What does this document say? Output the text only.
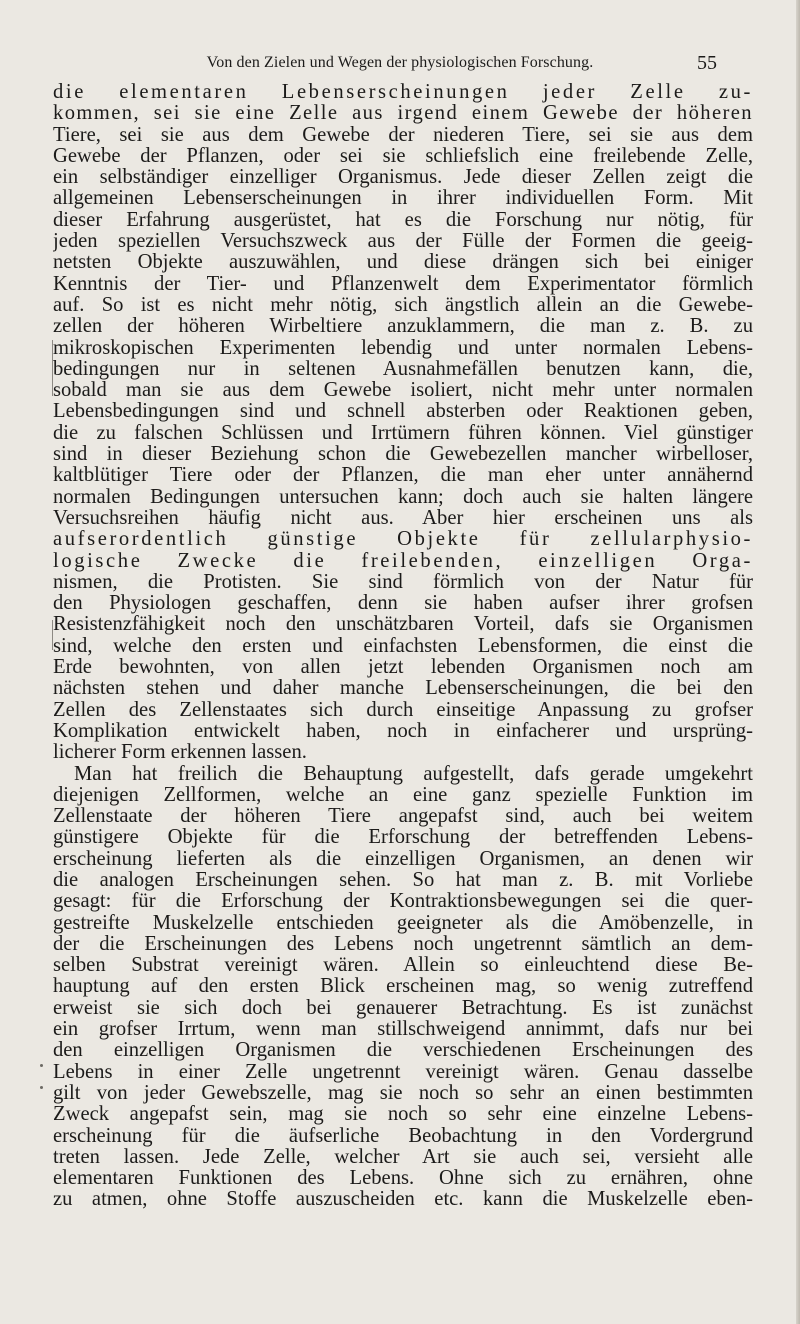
Von den Zielen und Wegen der physiologischen Forschung.	55
die elementaren Lebenserscheinungen jeder Zelle zu-
kommen, sei sie eine Zelle aus irgend einem Gewebe der höheren
Tiere, sei sie aus dem Gewebe der niederen Tiere, sei sie aus dem
Gewebe der Pflanzen, oder sei sie schliefslich eine freilebende Zelle,
ein selbständiger einzelliger Organismus. Jede dieser Zellen zeigt die
allgemeinen Lebenserscheinungen in ihrer individuellen Form. Mit
dieser Erfahrung ausgerüstet, hat es die Forschung nur nötig, für
jeden speziellen Versuchszweck aus der Fülle der Formen die geeig-
netsten Objekte auszuwählen, und diese drängen sich bei einiger
Kenntnis der Tier- und Pflanzenwelt dem Experimentator förmlich
auf. So ist es nicht mehr nötig, sich ängstlich allein an die Gewebe-
zellen der höheren Wirbeltiere anzuklammern, die man z. B. zu
mikroskopischen Experimenten lebendig und unter normalen Lebens-
bedingungen nur in seltenen Ausnahmefällen benutzen kann, die,
sobald man sie aus dem Gewebe isoliert, nicht mehr unter normalen
Lebensbedingungen sind und schnell absterben oder Reaktionen geben,
die zu falschen Schlüssen und Irrtümern führen können. Viel günstiger
sind in dieser Beziehung schon die Gewebezellen mancher wirbelloser,
kaltblütiger Tiere oder der Pflanzen, die man eher unter annähernd
normalen Bedingungen untersuchen kann; doch auch sie halten längere
Versuchsreihen häufig nicht aus. Aber hier erscheinen uns als
aufserordentlich günstige Objekte für zellularphysio-
logische Zwecke die freilebenden, einzelligen Orga-
nismen, die Protisten. Sie sind förmlich von der Natur für
den Physiologen geschaffen, denn sie haben aufser ihrer grofsen
Resistenzfähigkeit noch den unschätzbaren Vorteil, dafs sie Organismen
sind, welche den ersten und einfachsten Lebensformen, die einst die
Erde bewohnten, von allen jetzt lebenden Organismen noch am
nächsten stehen und daher manche Lebenserscheinungen, die bei den
Zellen des Zellenstaates sich durch einseitige Anpassung zu grofser
Komplikation entwickelt haben, noch in einfacherer und ursprüng-
licherer Form erkennen lassen.
Man hat freilich die Behauptung aufgestellt, dafs gerade umgekehrt
diejenigen Zellformen, welche an eine ganz spezielle Funktion im
Zellenstaate der höheren Tiere angepafst sind, auch bei weitem
günstigere Objekte für die Erforschung der betreffenden Lebens-
erscheinung lieferten als die einzelligen Organismen, an denen wir
die analogen Erscheinungen sehen. So hat man z. B. mit Vorliebe
gesagt: für die Erforschung der Kontraktionsbewegungen sei die quer-
gestreifte Muskelzelle entschieden geeigneter als die Amöbenzelle, in
der die Erscheinungen des Lebens noch ungetrennt sämtlich an dem-
selben Substrat vereinigt wären. Allein so einleuchtend diese Be-
hauptung auf den ersten Blick erscheinen mag, so wenig zutreffend
erweist sie sich doch bei genauerer Betrachtung. Es ist zunächst
ein grofser Irrtum, wenn man stillschweigend annimmt, dafs nur bei
den einzelligen Organismen die verschiedenen Erscheinungen des
Lebens in einer Zelle ungetrennt vereinigt wären. Genau dasselbe
gilt von jeder Gewebszelle, mag sie noch so sehr an einen bestimmten
Zweck angepafst sein, mag sie noch so sehr eine einzelne Lebens-
erscheinung für die äufserliche Beobachtung in den Vordergrund
treten lassen. Jede Zelle, welcher Art sie auch sei, versieht alle
elementaren Funktionen des Lebens. Ohne sich zu ernähren, ohne
zu atmen, ohne Stoffe auszuscheiden etc. kann die Muskelzelle eben-
